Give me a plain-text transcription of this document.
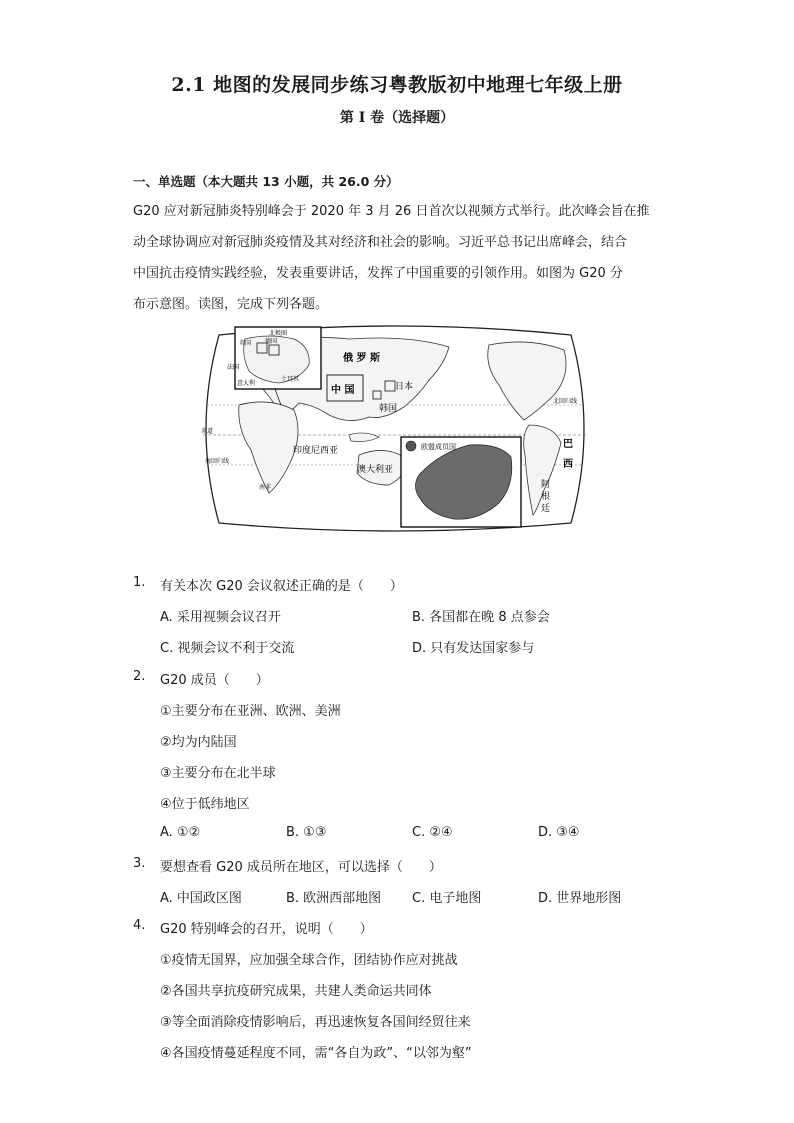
2.1 地图的发展同步练习粤教版初中地理七年级上册
第 I 卷（选择题）
一、单选题（本大题共 13 小题，共 26.0 分）
G20 应对新冠肺炎特别峰会于 2020 年 3 月 26 日首次以视频方式举行。此次峰会旨在推
动全球协调应对新冠肺炎疫情及其对经济和社会的影响。习近平总书记出席峰会，结合
中国抗击疫情实践经验，发表重要讲话，发挥了中国重要的引领作用。如图为 G20 分
布示意图。读图，完成下列各题。
俄 罗 斯
中 国	日本
韩国
印度尼西亚
澳大利亚
巴
西
阿
根
廷
欧盟成员国
北极圈
英国 德国
法国
意大利
土耳其
赤道
南回归线
南非
北回归线
1. 有关本次 G20 会议叙述正确的是（　　）
A. 采用视频会议召开	B. 各国都在晚 8 点参会
C. 视频会议不利于交流	D. 只有发达国家参与
2. G20 成员（　　）
①主要分布在亚洲、欧洲、美洲
②均为内陆国
③主要分布在北半球
④位于低纬地区
A. ①②	B. ①③	C. ②④	D. ③④
3. 要想查看 G20 成员所在地区，可以选择（　　）
A. 中国政区图	B. 欧洲西部地图 C. 电子地图	D. 世界地形图
4. G20 特别峰会的召开，说明（　　）
①疫情无国界，应加强全球合作，团结协作应对挑战
②各国共享抗疫研究成果，共建人类命运共同体
③等全面消除疫情影响后，再迅速恢复各国间经贸往来
④各国疫情蔓延程度不同，需“各自为政”、“以邻为壑”
